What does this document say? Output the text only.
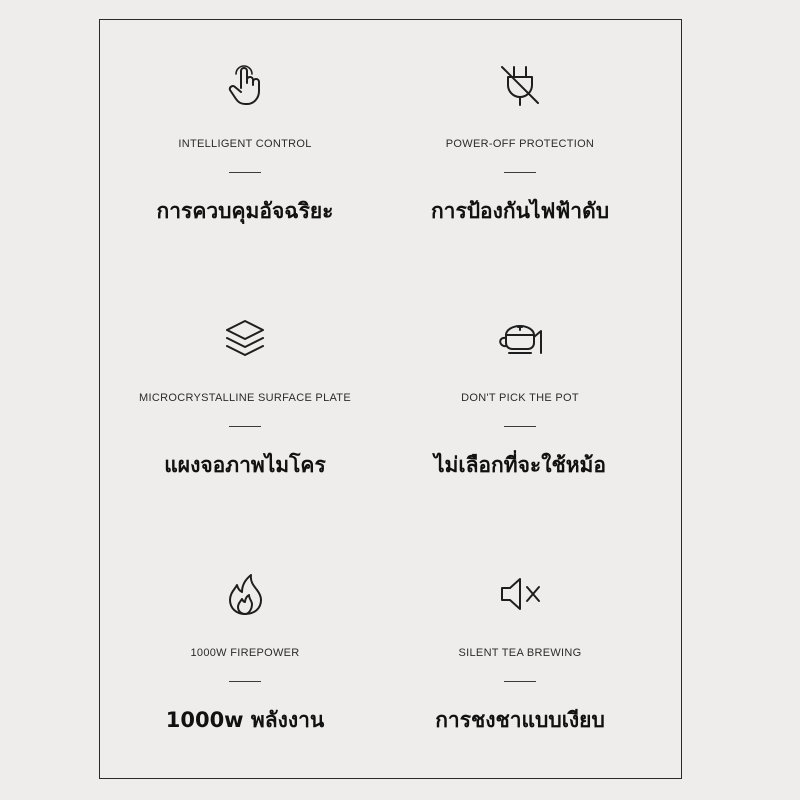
INTELLIGENT CONTROL
การควบคุมอัจฉริยะ
POWER-OFF PROTECTION
การป้องกันไฟฟ้าดับ
MICROCRYSTALLINE SURFACE PLATE
แผงจอภาพไมโคร
DON'T PICK THE POT
ไม่เลือกที่จะใช้หม้อ
1000W FIREPOWER
1000w พลังงาน
SILENT TEA BREWING
การชงชาแบบเงียบ
